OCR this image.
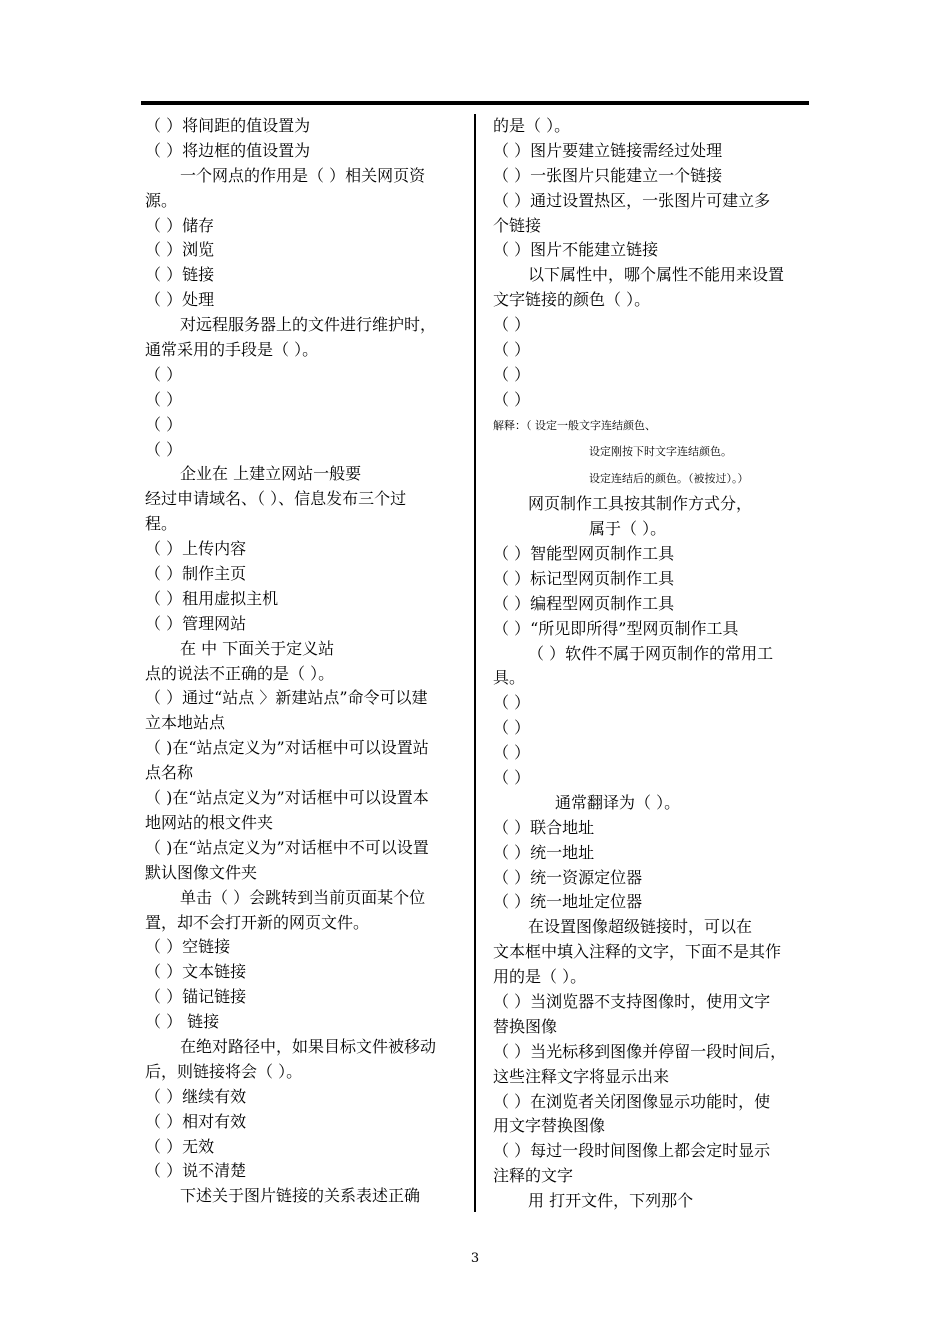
（ ）将间距的值设置为
（ ）将边框的值设置为
一个网点的作用是（ ）相关网页资
源。
（ ）储存
（ ）浏览
（ ）链接
（ ）处理
对远程服务器上的文件进行维护时，
通常采用的手段是（ ）。
（ ）
（ ）
（ ）
（ ）
企业在 上建立网站一般要
经过申请域名、（ ）、信息发布三个过
程。
（ ）上传内容
（ ）制作主页
（ ）租用虚拟主机
（ ）管理网站
在 中 下面关于定义站
点的说法不正确的是（ ）。
（ ）通过“站点 〉新建站点”命令可以建
立本地站点
（ )在“站点定义为”对话框中可以设置站
点名称
（ )在“站点定义为”对话框中可以设置本
地网站的根文件夹
（ )在“站点定义为”对话框中不可以设置
默认图像文件夹
单击（ ）会跳转到当前页面某个位
置，却不会打开新的网页文件。
（ ）空链接
（ ）文本链接
（ ）锚记链接
（ ） 链接
在绝对路径中，如果目标文件被移动
后，则链接将会（ ）。
（ ）继续有效
（ ）相对有效
（ ）无效
（ ）说不清楚
下述关于图片链接的关系表述正确
的是（ ）。
（ ）图片要建立链接需经过处理
（ ）一张图片只能建立一个链接
（ ）通过设置热区，一张图片可建立多
个链接
（ ）图片不能建立链接
以下属性中，哪个属性不能用来设置
文字链接的颜色（ ）。
（ ）
（ ）
（ ）
（ ）
解释：（ 设定一般文字连结颜色、
设定刚按下时文字连结颜色。
设定连结后的颜色。（被按过）。）
网页制作工具按其制作方式分，
属于（ ）。
（ ）智能型网页制作工具
（ ）标记型网页制作工具
（ ）编程型网页制作工具
（ ）“所见即所得”型网页制作工具
（ ）软件不属于网页制作的常用工
具。
（ ）
（ ）
（ ）
（ ）
通常翻译为（ ）。
（ ）联合地址
（ ）统一地址
（ ）统一资源定位器
（ ）统一地址定位器
在设置图像超级链接时，可以在
文本框中填入注释的文字，下面不是其作
用的是（ ）。
（ ）当浏览器不支持图像时，使用文字
替换图像
（ ）当光标移到图像并停留一段时间后，
这些注释文字将显示出来
（ ）在浏览者关闭图像显示功能时，使
用文字替换图像
（ ）每过一段时间图像上都会定时显示
注释的文字
用 打开文件，下列那个
3
